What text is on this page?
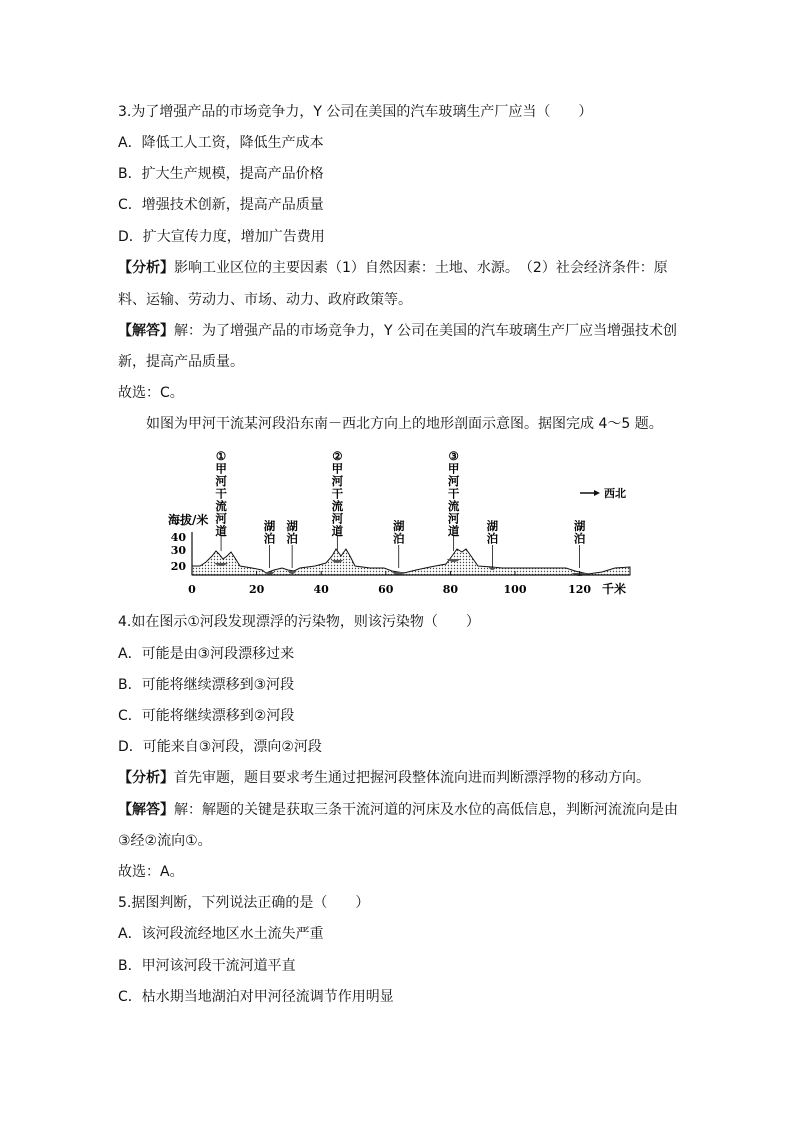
3.为了增强产品的市场竞争力，Y 公司在美国的汽车玻璃生产厂应当（　　）
A．降低工人工资，降低生产成本
B．扩大生产规模，提高产品价格
C．增强技术创新，提高产品质量
D．扩大宣传力度，增加广告费用
【分析】影响工业区位的主要因素（1）自然因素：土地、水源。　（2）社会经济条件：原
料、运输、劳动力、市场、动力、政府政策等。
【解答】解：为了增强产品的市场竞争力，Y 公司在美国的汽车玻璃生产厂应当增强技术创
新，提高产品质量。
故选：C。
如图为甲河干流某河段沿东南－西北方向上的地形剖面示意图。据图完成 4～5 题。
海拔/米
40
30
20
0	20	40	60	80	100	120 千米
西北
①
甲
河
干
流
河
道
②
甲
河
干
流
河
道
③
甲
河
干
流
河
道
湖
泊
湖
泊
湖
泊
湖
泊
湖
泊
4.如在图示①河段发现漂浮的污染物，则该污染物（　　）
A．可能是由③河段漂移过来
B．可能将继续漂移到③河段
C．可能将继续漂移到②河段
D．可能来自③河段，漂向②河段
【分析】首先审题，题目要求考生通过把握河段整体流向进而判断漂浮物的移动方向。
【解答】解：解题的关键是获取三条干流河道的河床及水位的高低信息，判断河流流向是由
③经②流向①。
故选：A。
5.据图判断，下列说法正确的是（　　）
A．该河段流经地区水土流失严重
B．甲河该河段干流河道平直
C．枯水期当地湖泊对甲河径流调节作用明显
